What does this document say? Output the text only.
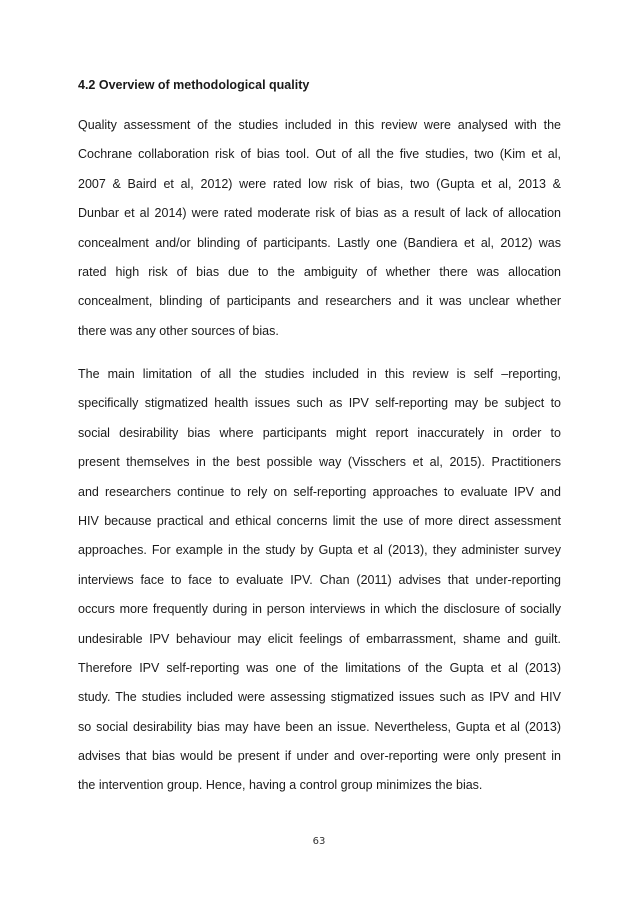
4.2 Overview of methodological quality

Quality assessment of the studies included in this review were analysed with the
Cochrane collaboration risk of bias tool. Out of all the five studies, two (Kim et al,
2007 & Baird et al, 2012) were rated low risk of bias, two (Gupta et al, 2013 &
Dunbar et al 2014) were rated moderate risk of bias as a result of lack of allocation
concealment and/or blinding of participants. Lastly one (Bandiera et al, 2012) was
rated high risk of bias due to the ambiguity of whether there was allocation
concealment, blinding of participants and researchers and it was unclear whether
there was any other sources of bias.

The main limitation of all the studies included in this review is self –reporting,
specifically stigmatized health issues such as IPV self-reporting may be subject to
social desirability bias where participants might report inaccurately in order to
present themselves in the best possible way (Visschers et al, 2015). Practitioners
and researchers continue to rely on self-reporting approaches to evaluate IPV and
HIV because practical and ethical concerns limit the use of more direct assessment
approaches. For example in the study by Gupta et al (2013), they administer survey
interviews face to face to evaluate IPV. Chan (2011) advises that under-reporting
occurs more frequently during in person interviews in which the disclosure of socially
undesirable IPV behaviour may elicit feelings of embarrassment, shame and guilt.
Therefore IPV self-reporting was one of the limitations of the Gupta et al (2013)
study. The studies included were assessing stigmatized issues such as IPV and HIV
so social desirability bias may have been an issue. Nevertheless, Gupta et al (2013)
advises that bias would be present if under and over-reporting were only present in
the intervention group. Hence, having a control group minimizes the bias.

63
